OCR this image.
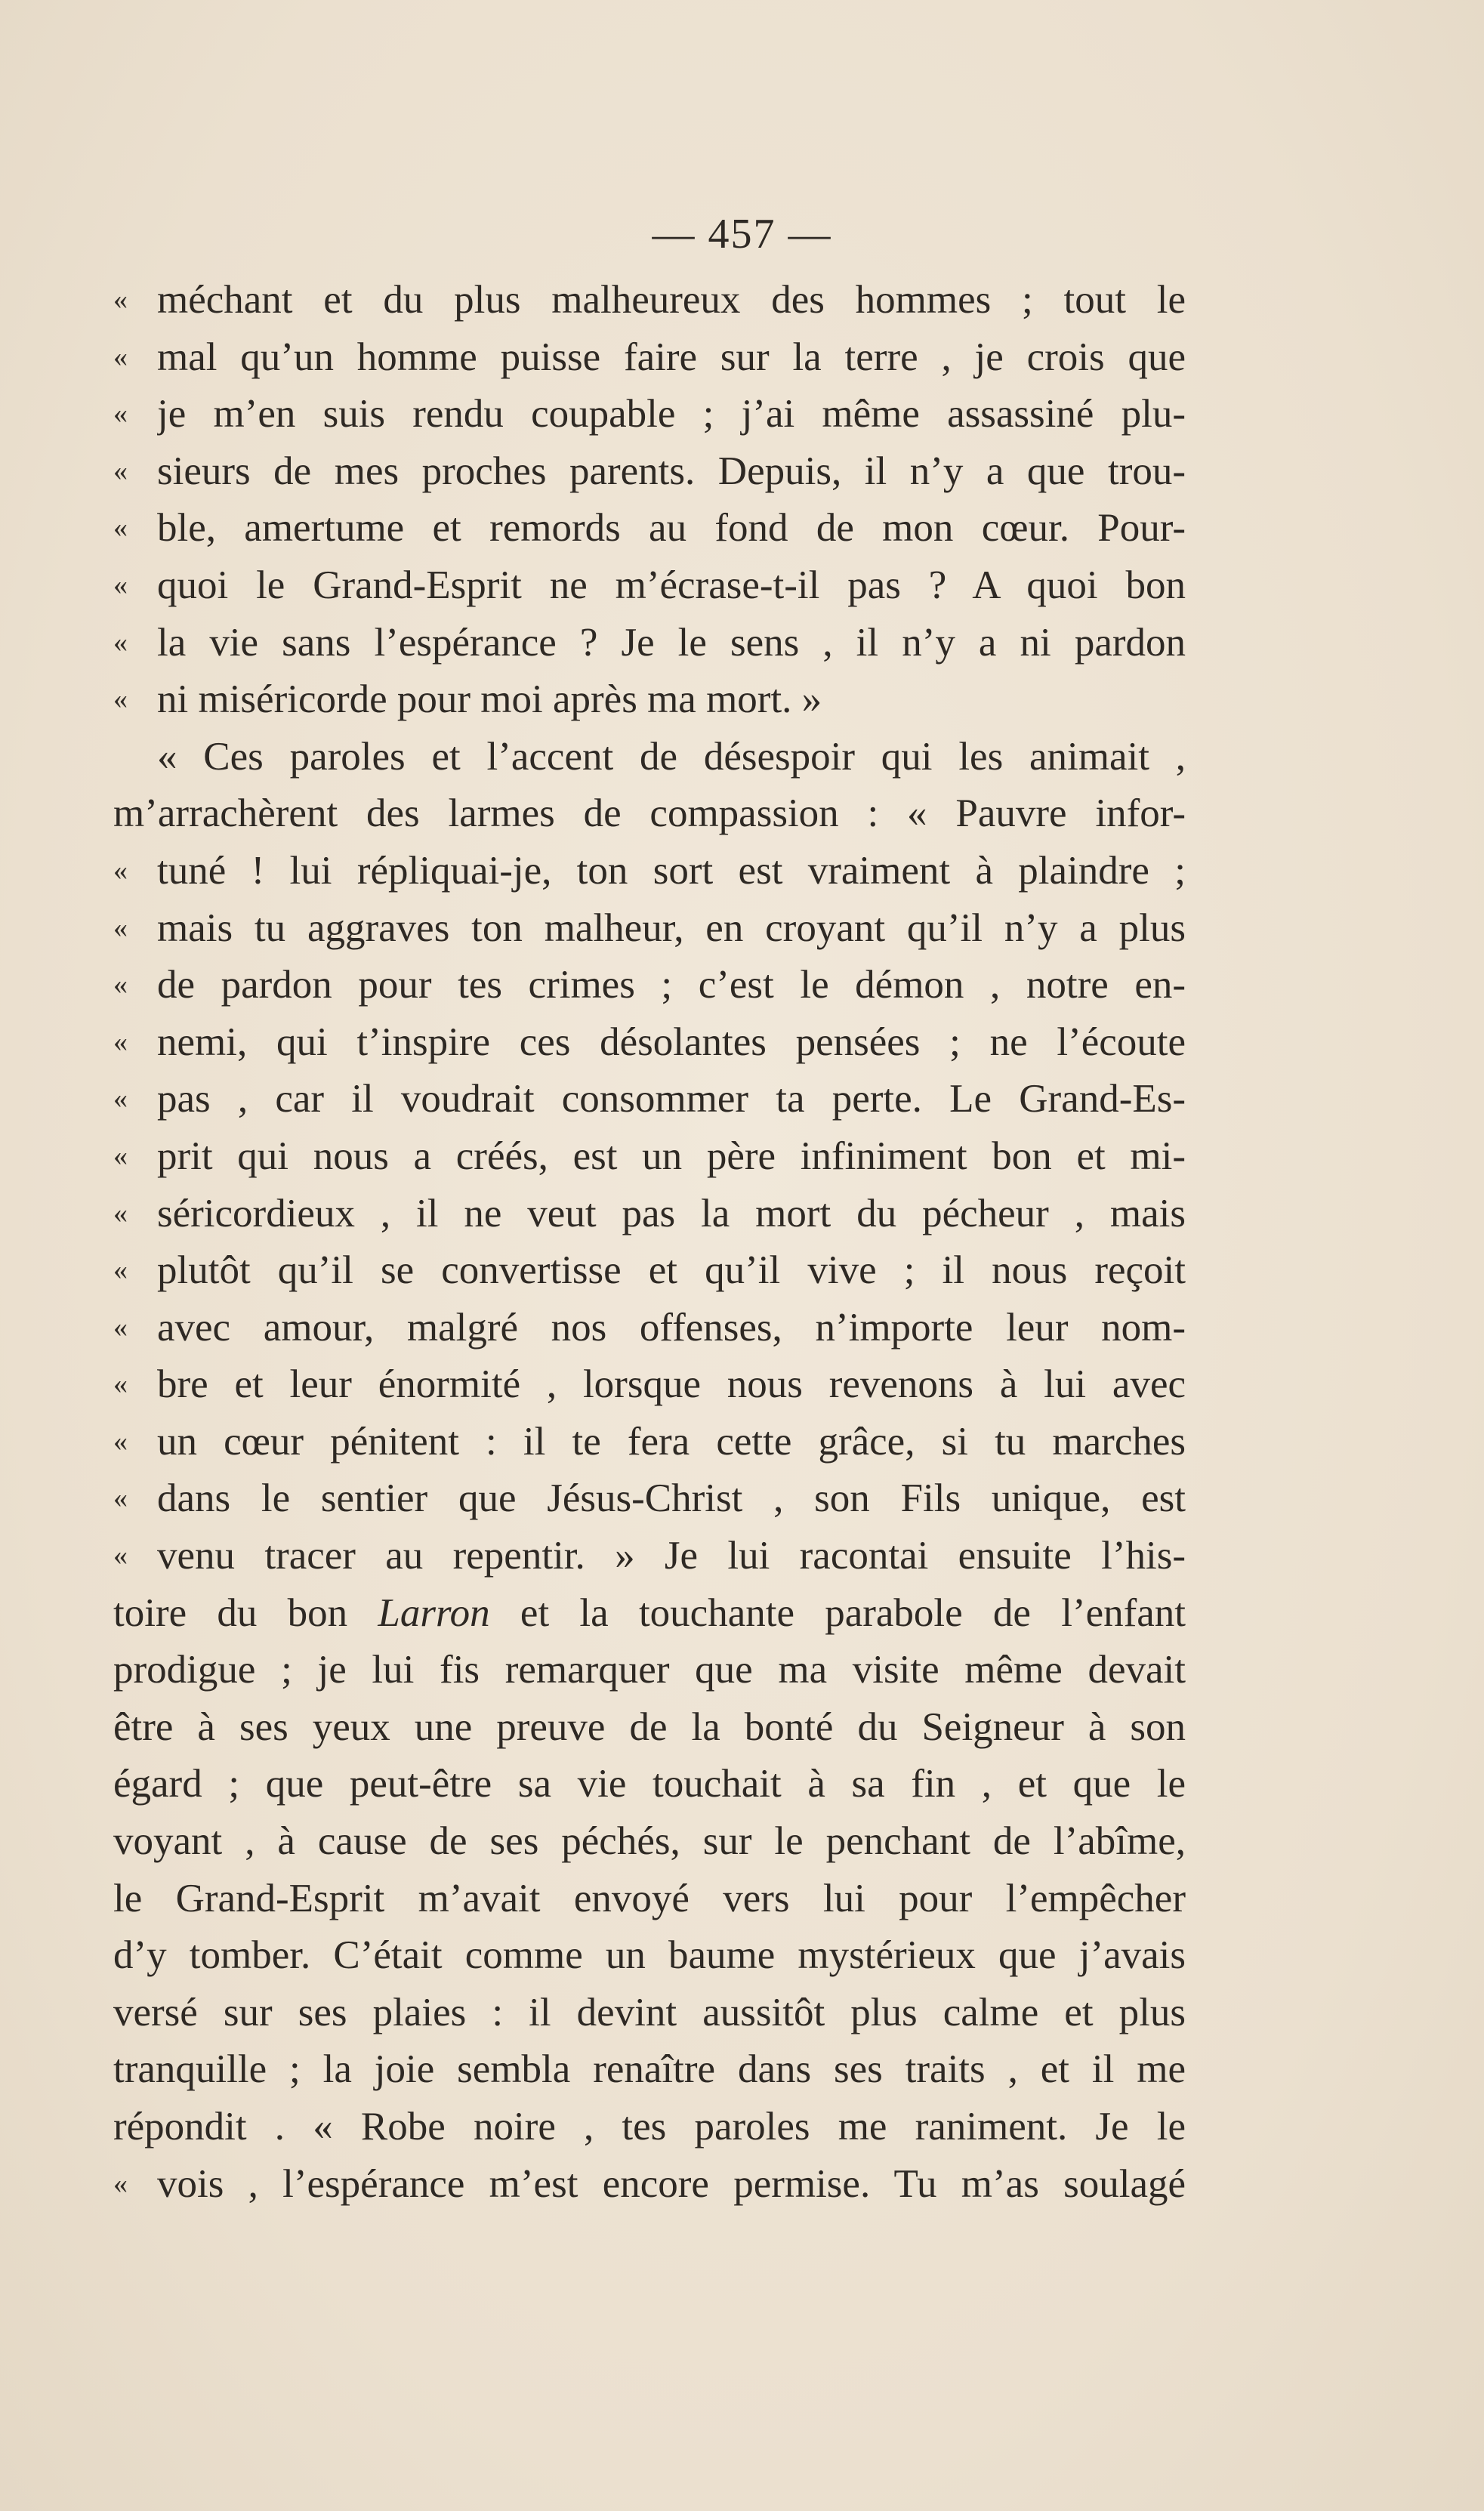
— 457 —
« méchant et du plus malheureux des hommes ; tout le
« mal qu’un homme puisse faire sur la terre , je crois que
« je m’en suis rendu coupable ; j’ai même assassiné plu-
« sieurs de mes proches parents. Depuis, il n’y a que trou-
« ble, amertume et remords au fond de mon cœur. Pour-
« quoi le Grand-Esprit ne m’écrase-t-il pas ? A quoi bon
« la vie sans l’espérance ? Je le sens , il n’y a ni pardon
« ni miséricorde pour moi après ma mort. »
« Ces paroles et l’accent de désespoir qui les animait ,
m’arrachèrent des larmes de compassion : « Pauvre infor-
« tuné ! lui répliquai-je, ton sort est vraiment à plaindre ;
« mais tu aggraves ton malheur, en croyant qu’il n’y a plus
« de pardon pour tes crimes ; c’est le démon , notre en-
« nemi, qui t’inspire ces désolantes pensées ; ne l’écoute
« pas , car il voudrait consommer ta perte. Le Grand-Es-
« prit qui nous a créés, est un père infiniment bon et mi-
« séricordieux , il ne veut pas la mort du pécheur , mais
« plutôt qu’il se convertisse et qu’il vive ; il nous reçoit
« avec amour, malgré nos offenses, n’importe leur nom-
« bre et leur énormité , lorsque nous revenons à lui avec
« un cœur pénitent : il te fera cette grâce, si tu marches
« dans le sentier que Jésus-Christ , son Fils unique, est
« venu tracer au repentir. » Je lui racontai ensuite l’his-
toire du bon Larron et la touchante parabole de l’enfant
prodigue ; je lui fis remarquer que ma visite même devait
être à ses yeux une preuve de la bonté du Seigneur à son
égard ; que peut-être sa vie touchait à sa fin , et que le
voyant , à cause de ses péchés, sur le penchant de l’abîme,
le Grand-Esprit m’avait envoyé vers lui pour l’empêcher
d’y tomber. C’était comme un baume mystérieux que j’avais
versé sur ses plaies : il devint aussitôt plus calme et plus
tranquille ; la joie sembla renaître dans ses traits , et il me
répondit . « Robe noire , tes paroles me raniment. Je le
« vois , l’espérance m’est encore permise. Tu m’as soulagé
